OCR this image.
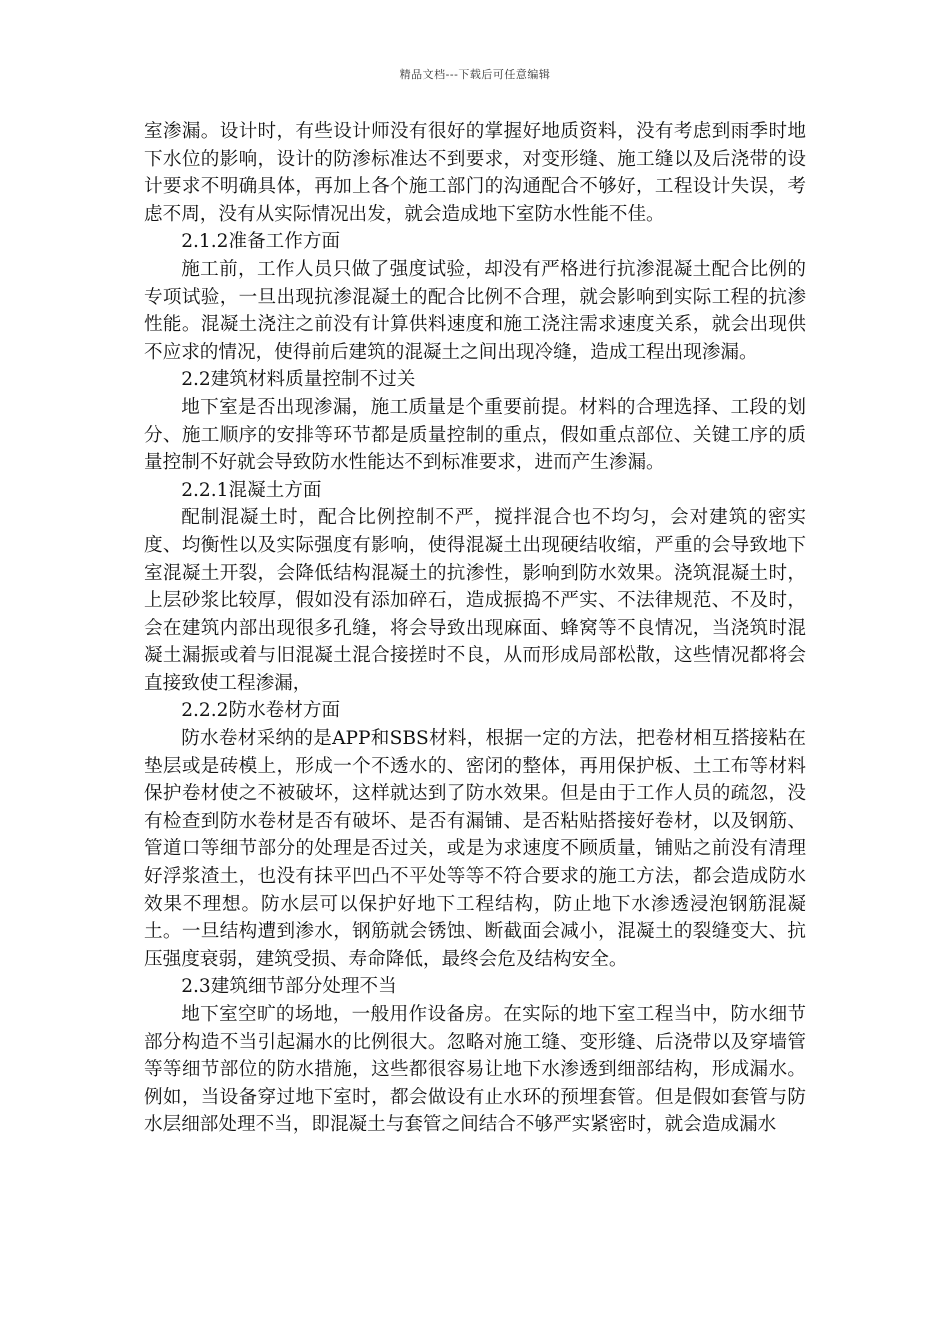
精品文档---下载后可任意编辑

室渗漏。设计时，有些设计师没有很好的掌握好地质资料，没有考虑到雨季时地下水位的影响，设计的防渗标准达不到要求，对变形缝、施工缝以及后浇带的设计要求不明确具体，再加上各个施工部门的沟通配合不够好，工程设计失误，考虑不周，没有从实际情况出发，就会造成地下室防水性能不佳。

2.1.2准备工作方面

施工前，工作人员只做了强度试验，却没有严格进行抗渗混凝土配合比例的专项试验，一旦出现抗渗混凝土的配合比例不合理，就会影响到实际工程的抗渗性能。混凝土浇注之前没有计算供料速度和施工浇注需求速度关系，就会出现供不应求的情况，使得前后建筑的混凝土之间出现冷缝，造成工程出现渗漏。

2.2建筑材料质量控制不过关

地下室是否出现渗漏，施工质量是个重要前提。材料的合理选择、工段的划分、施工顺序的安排等环节都是质量控制的重点，假如重点部位、关键工序的质量控制不好就会导致防水性能达不到标准要求，进而产生渗漏。

2.2.1混凝土方面

配制混凝土时，配合比例控制不严，搅拌混合也不均匀，会对建筑的密实度、均衡性以及实际强度有影响，使得混凝土出现硬结收缩，严重的会导致地下室混凝土开裂，会降低结构混凝土的抗渗性，影响到防水效果。浇筑混凝土时，上层砂浆比较厚，假如没有添加碎石，造成振捣不严实、不法律规范、不及时，会在建筑内部出现很多孔缝，将会导致出现麻面、蜂窝等不良情况，当浇筑时混凝土漏振或着与旧混凝土混合接搓时不良，从而形成局部松散，这些情况都将会直接致使工程渗漏，

2.2.2防水卷材方面

防水卷材采纳的是APP和SBS材料，根据一定的方法，把卷材相互搭接粘在垫层或是砖模上，形成一个不透水的、密闭的整体，再用保护板、土工布等材料保护卷材使之不被破坏，这样就达到了防水效果。但是由于工作人员的疏忽，没有检查到防水卷材是否有破坏、是否有漏铺、是否粘贴搭接好卷材，以及钢筋、管道口等细节部分的处理是否过关，或是为求速度不顾质量，铺贴之前没有清理好浮浆渣土，也没有抹平凹凸不平处等等不符合要求的施工方法，都会造成防水效果不理想。防水层可以保护好地下工程结构，防止地下水渗透浸泡钢筋混凝土。一旦结构遭到渗水，钢筋就会锈蚀、断截面会减小，混凝土的裂缝变大、抗压强度衰弱，建筑受损、寿命降低，最终会危及结构安全。

2.3建筑细节部分处理不当

地下室空旷的场地，一般用作设备房。在实际的地下室工程当中，防水细节部分构造不当引起漏水的比例很大。忽略对施工缝、变形缝、后浇带以及穿墙管等等细节部位的防水措施，这些都很容易让地下水渗透到细部结构，形成漏水。例如，当设备穿过地下室时，都会做设有止水环的预埋套管。但是假如套管与防水层细部处理不当，即混凝土与套管之间结合不够严实紧密时，就会造成漏水
